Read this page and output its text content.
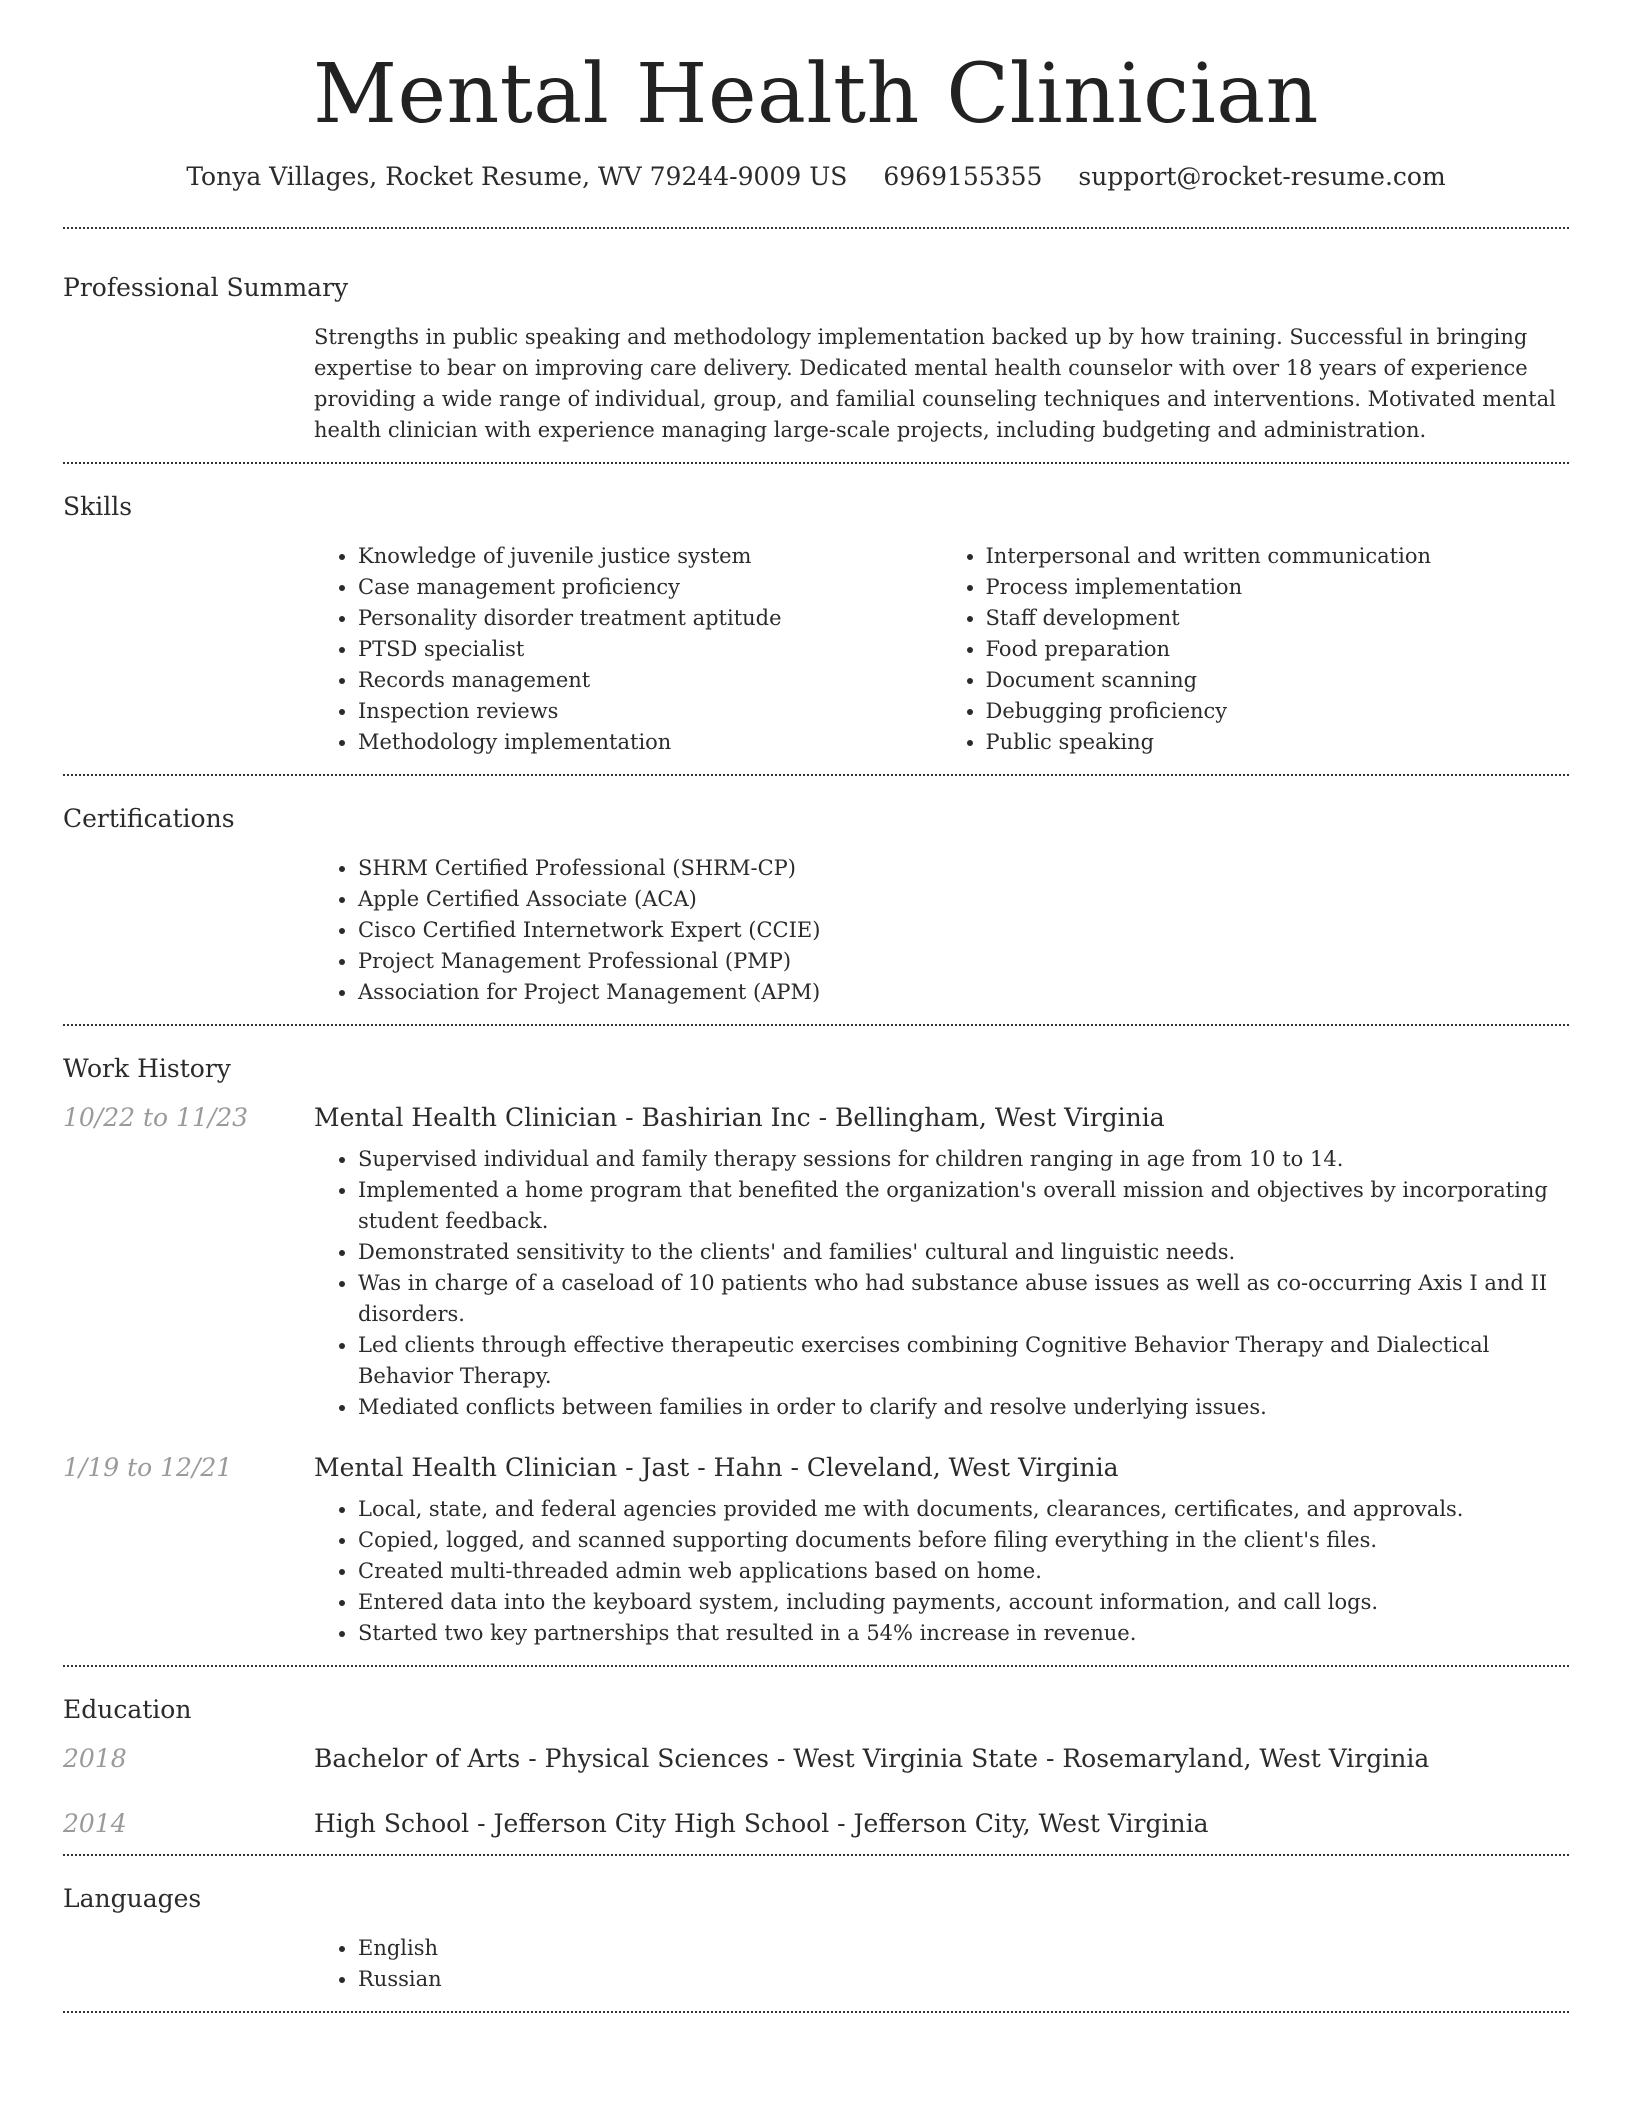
Mental Health Clinician
Tonya Villages, Rocket Resume, WV 79244-9009 US 6969155355 support@rocket-resume.com
Professional Summary

Strengths in public speaking and methodology implementation backed up by how training. Successful in bringing expertise to bear on improving care delivery. Dedicated mental health counselor with over 18 years of experience providing a wide range of individual, group, and familial counseling techniques and interventions. Motivated mental health clinician with experience managing large-scale projects, including budgeting and administration.

Skills
• Knowledge of juvenile justice system
• Case management proficiency
• Personality disorder treatment aptitude
• PTSD specialist
• Records management
• Inspection reviews
• Methodology implementation
• Interpersonal and written communication
• Process implementation
• Staff development
• Food preparation
• Document scanning
• Debugging proficiency
• Public speaking
Certifications
• SHRM Certified Professional (SHRM-CP)
• Apple Certified Associate (ACA)
• Cisco Certified Internetwork Expert (CCIE)
• Project Management Professional (PMP)
• Association for Project Management (APM)
Work History
10/22 to 11/23	Mental Health Clinician - Bashirian Inc - Bellingham, West Virginia
• Supervised individual and family therapy sessions for children ranging in age from 10 to 14.
• Implemented a home program that benefited the organization's overall mission and objectives by incorporating student feedback.
• Demonstrated sensitivity to the clients' and families' cultural and linguistic needs.
• Was in charge of a caseload of 10 patients who had substance abuse issues as well as co-occurring Axis I and II disorders.
• Led clients through effective therapeutic exercises combining Cognitive Behavior Therapy and Dialectical Behavior Therapy.
• Mediated conflicts between families in order to clarify and resolve underlying issues.
1/19 to 12/21	Mental Health Clinician - Jast - Hahn - Cleveland, West Virginia
• Local, state, and federal agencies provided me with documents, clearances, certificates, and approvals.
• Copied, logged, and scanned supporting documents before filing everything in the client's files.
• Created multi-threaded admin web applications based on home.
• Entered data into the keyboard system, including payments, account information, and call logs.
• Started two key partnerships that resulted in a 54% increase in revenue.
Education
2018	Bachelor of Arts - Physical Sciences - West Virginia State - Rosemaryland, West Virginia
2014	High School - Jefferson City High School - Jefferson City, West Virginia
Languages
• English
• Russian
